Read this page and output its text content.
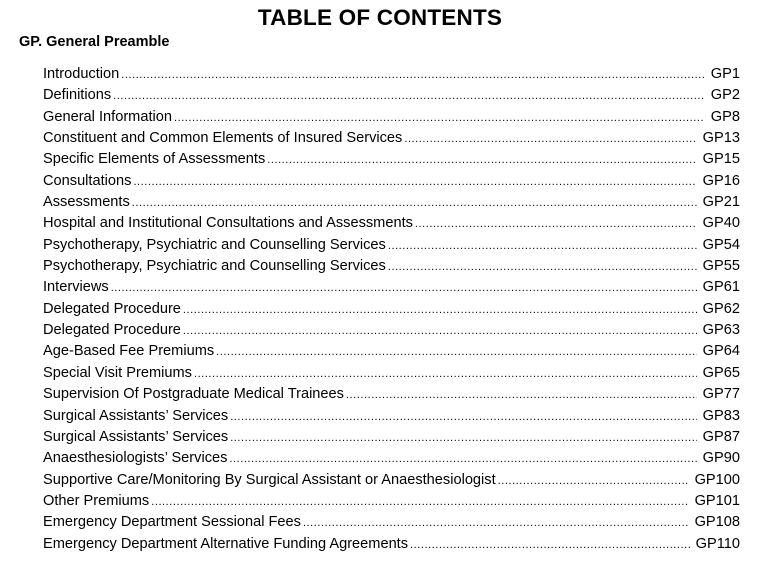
TABLE OF CONTENTS
GP. General Preamble
Introduction .....	GP1
Definitions .....	GP2
General Information .....	GP8
Constituent and Common Elements of Insured Services .....	GP13
Specific Elements of Assessments .....	GP15
Consultations .....	GP16
Assessments .....	GP21
Hospital and Institutional Consultations and Assessments .....	GP40
Psychotherapy, Psychiatric and Counselling Services .....	GP54
Psychotherapy, Psychiatric and Counselling Services .....	GP55
Interviews .....	GP61
Delegated Procedure .....	GP62
Delegated Procedure .....	GP63
Age-Based Fee Premiums .....	GP64
Special Visit Premiums .....	GP65
Supervision Of Postgraduate Medical Trainees .....	GP77
Surgical Assistants’ Services .....	GP83
Surgical Assistants’ Services .....	GP87
Anaesthesiologists’ Services .....	GP90
Supportive Care/Monitoring By Surgical Assistant or Anaesthesiologist .....	GP100
Other Premiums .....	GP101
Emergency Department Sessional Fees .....	GP108
Emergency Department Alternative Funding Agreements .....	GP110
